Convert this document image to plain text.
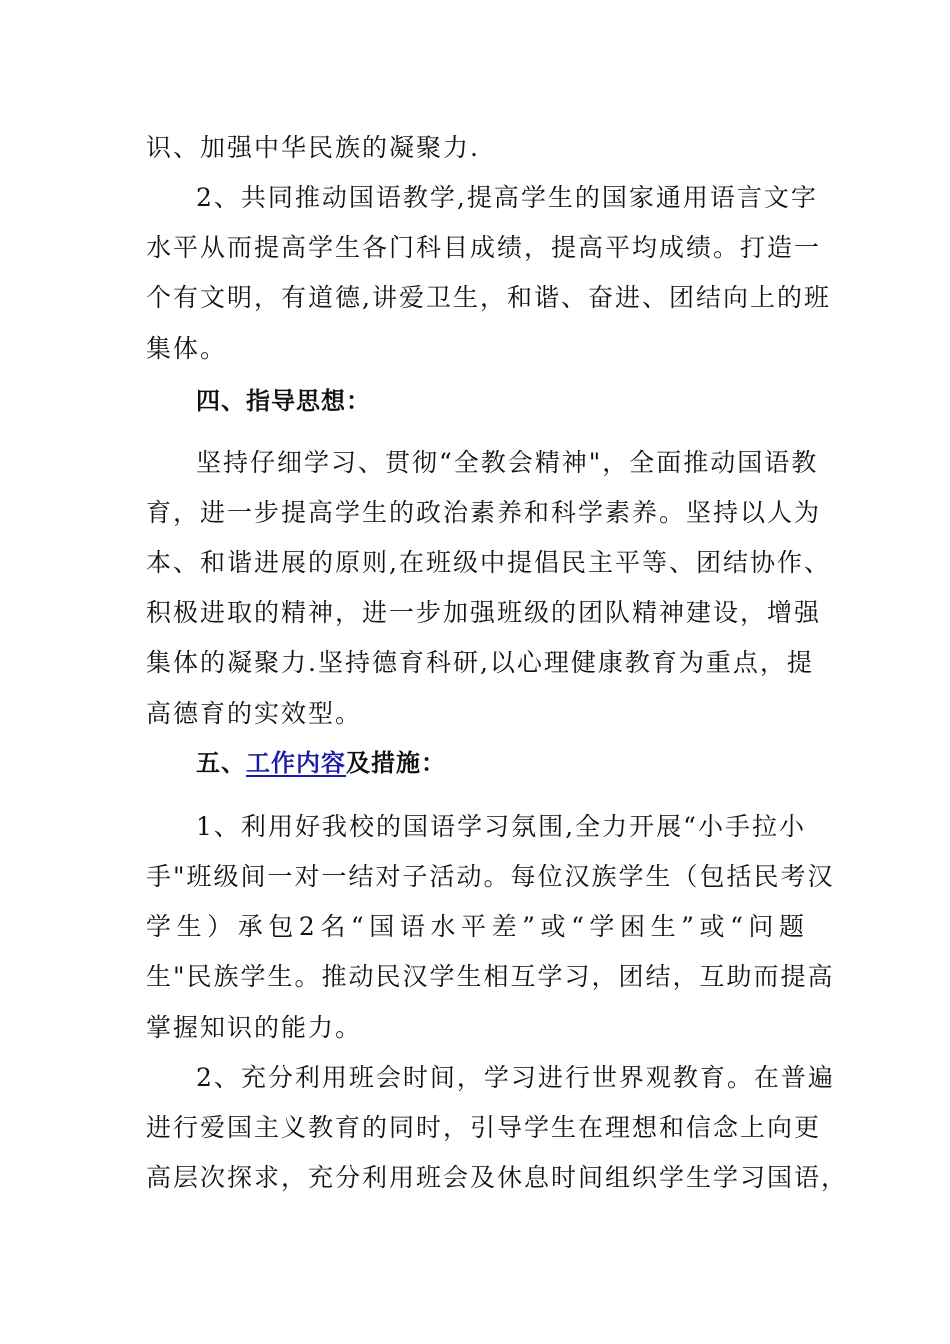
识、加强中华民族的凝聚力.
2、共同推动国语教学,提高学生的国家通用语言文字
水平从而提高学生各门科目成绩，提高平均成绩。打造一
个有文明，有道德,讲爱卫生，和谐、奋进、团结向上的班
集体。
四、指导思想：
坚持仔细学习、贯彻“全教会精神"，全面推动国语教
育，进一步提高学生的政治素养和科学素养。坚持以人为
本、和谐进展的原则,在班级中提倡民主平等、团结协作、
积极进取的精神，进一步加强班级的团队精神建设，增强
集体的凝聚力.坚持德育科研,以心理健康教育为重点，提
高德育的实效型。
五、工作内容及措施：
1、利用好我校的国语学习氛围,全力开展“小手拉小
手"班级间一对一结对子活动。每位汉族学生（包括民考汉
学生）承包2名“国语水平差”或“学困生”或“问题
生"民族学生。推动民汉学生相互学习，团结，互助而提高
掌握知识的能力。
2、充分利用班会时间，学习进行世界观教育。在普遍
进行爱国主义教育的同时，引导学生在理想和信念上向更
高层次探求，充分利用班会及休息时间组织学生学习国语，
